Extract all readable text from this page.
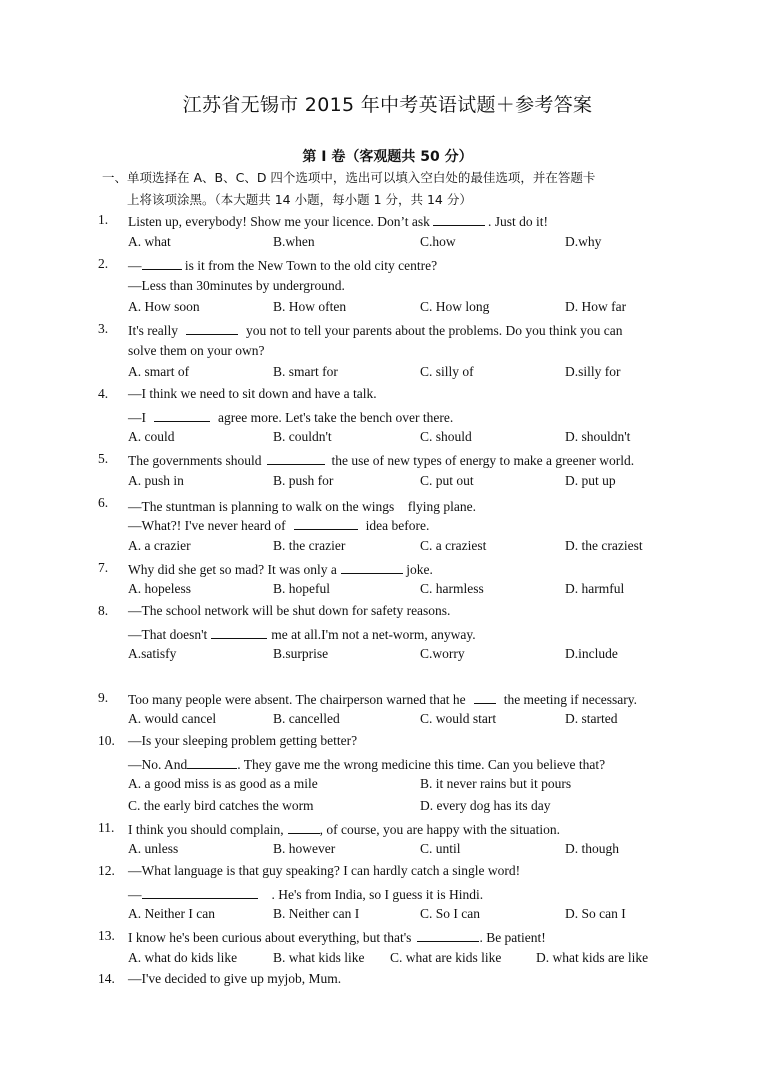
江苏省无锡市 2015 年中考英语试题＋参考答案
第 I 卷（客观题共 50 分）
一、单项选择在 A、B、C、D 四个选项中，选出可以填入空白处的最佳选项，并在答题卡
上将该项涂黑。（本大题共 14 小题，每小题 1 分，共 14 分）
1. Listen up, everybody! Show me your licence. Don’t ask	. Just do it!
A. what	B.when	C.how	D.why
2. —	is it from the New Town to the old city centre?
—Less than 30minutes by underground.
A. How soon	B. How often	C. How long	D. How far
3. It's really	you not to tell your parents about the problems. Do you think you can
solve them on your own?
A. smart of	B. smart for	C. silly of	D.silly for
4. —I think we need to sit down and have a talk.
—I	agree more. Let's take the bench over there.
A. could	B. couldn't	C. should	D. shouldn't
5. The governments should	the use of new types of energy to make a greener world.
A. push in	B. push for	C. put out	D. put up
6. —The stuntman is planning to walk on the wings　flying plane.
—What?! I've never heard of	idea before.
A. a crazier	B. the crazier	C. a craziest	D. the craziest
7. Why did she get so mad? It was only a	joke.
A. hopeless	B. hopeful	C. harmless	D. harmful
8. —The school network will be shut down for safety reasons.
—That doesn't	me at all.I'm not a net-worm, anyway.
A.satisfy	B.surprise	C.worry	D.include
9. Too many people were absent. The chairperson warned that he	the meeting if necessary.
A. would cancel	B. cancelled	C. would start	D. started
10. —Is your sleeping problem getting better?
—No. And	. They gave me the wrong medicine this time. Can you believe that?
A. a good miss is as good as a mile	B. it never rains but it pours
C. the early bird catches the worm	D. every dog has its day
11. I think you should complain,	, of course, you are happy with the situation.
A. unless	B. however	C. until	D. though
12. —What language is that guy speaking? I can hardly catch a single word!
—	. He's from India, so I guess it is Hindi.
A. Neither I can	B. Neither can I	C. So I can	D. So can I
13. I know he's been curious about everything, but that's	. Be patient!
A. what do kids like	B. what kids like C. what are kids like	D. what kids are like
14. —I've decided to give up myjob, Mum.
